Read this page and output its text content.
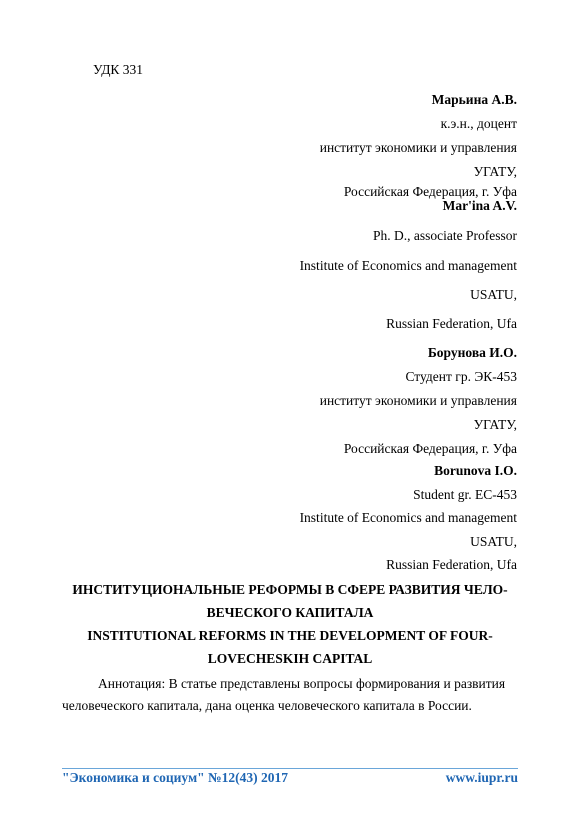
УДК 331
Марьина А.В.
к.э.н., доцент
институт экономики и управления
УГАТУ,
Российская Федерация, г. Уфа
Mar'ina A.V.
Ph. D., associate Professor
Institute of Economics and management
USATU,
Russian Federation, Ufa
Борунова И.О.
Студент гр. ЭК-453
институт экономики и управления
УГАТУ,
Российская Федерация, г. Уфа
Borunova I.O.
Student gr. EC-453
Institute of Economics and management
USATU,
Russian Federation, Ufa
ИНСТИТУЦИОНАЛЬНЫЕ РЕФОРМЫ В СФЕРЕ РАЗВИТИЯ ЧЕЛО-
ВЕЧЕСКОГО КАПИТАЛА
INSTITUTIONAL REFORMS IN THE DEVELOPMENT OF FOUR-
LOVECHESKIH CAPITAL
Аннотация: В статье представлены вопросы формирования и развития
человеческого капитала, дана оценка человеческого капитала в России.
"Экономика и социум" №12(43) 2017	www.iupr.ru
